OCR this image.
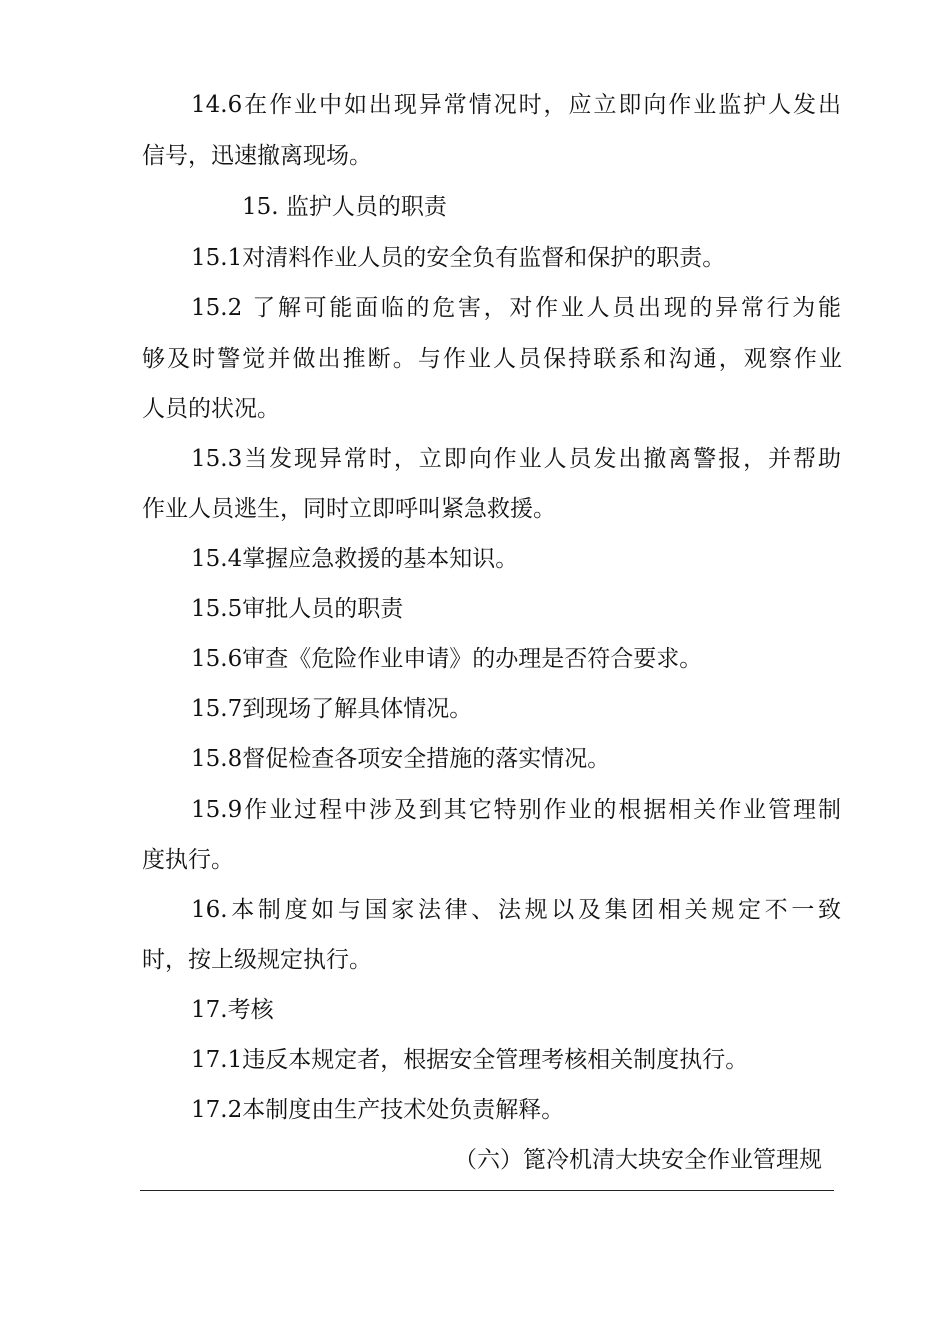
14.6在作业中如出现异常情况时，应立即向作业监护人发出
信号，迅速撤离现场。
15. 监护人员的职责
15.1对清料作业人员的安全负有监督和保护的职责。
15.2 了解可能面临的危害，对作业人员出现的异常行为能
够及时警觉并做出推断。与作业人员保持联系和沟通，观察作业
人员的状况。
15.3当发现异常时，立即向作业人员发出撤离警报，并帮助
作业人员逃生，同时立即呼叫紧急救援。
15.4掌握应急救援的基本知识。
15.5审批人员的职责
15.6审查《危险作业申请》的办理是否符合要求。
15.7到现场了解具体情况。
15.8督促检查各项安全措施的落实情况。
15.9作业过程中涉及到其它特别作业的根据相关作业管理制
度执行。
16.本制度如与国家法律、法规以及集团相关规定不一致
时，按上级规定执行。
17.考核
17.1违反本规定者，根据安全管理考核相关制度执行。
17.2本制度由生产技术处负责解释。
（六）篦冷机清大块安全作业管理规
